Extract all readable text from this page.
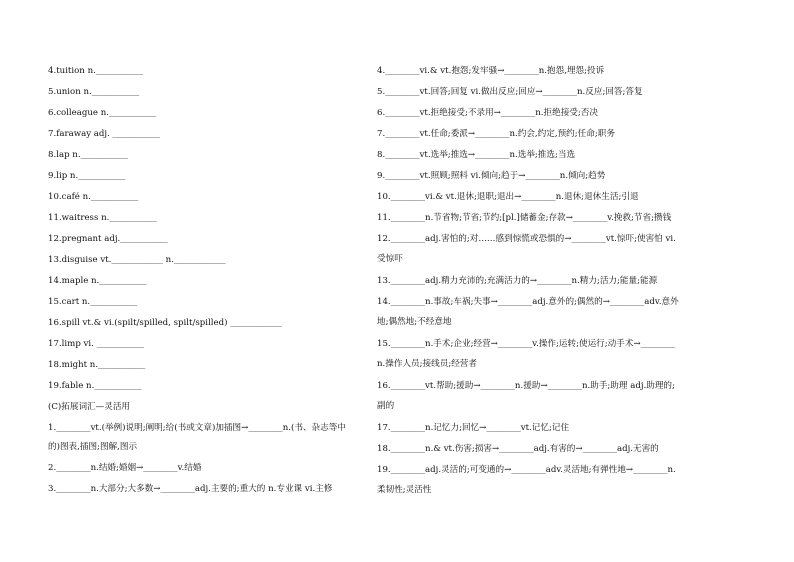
4.tuition n.___________
5.union n.___________
6.colleague n.___________
7.faraway adj. ___________
8.lap n.___________
9.lip n.___________
10.café n.___________
11.waitress n.___________
12.pregnant adj.___________
13.disguise vt.____________ n.____________
14.maple n.___________
15.cart n.___________
16.spill vt.& vi.(spilt/spilled, spilt/spilled) ____________
17.limp vi. ___________
18.might n.___________
19.fable n.___________
(C)拓展词汇—灵活用
1.________vt.(举例)说明;阐明;给(书或文章)加插图→________n.(书、杂志等中
的)图表,插图;图解,图示
2.________n.结婚;婚姻→________v.结婚
3.________n.大部分;大多数→________adj.主要的;重大的 n.专业课 vi.主修
4.________vi.& vt.抱怨;发牢骚→________n.抱怨,埋怨;投诉
5.________vt.回答;回复 vi.做出反应;回应→________n.反应;回答;答复
6.________vt.拒绝接受;不录用→________n.拒绝接受;否决
7.________vt.任命;委派→________n.约会,约定,预约;任命;职务
8.________vt.选举;推选→________n.选举;推选;当选
9.________vt.照顾;照料 vi.倾向;趋于→________n.倾向;趋势
10.________vi.& vt.退休;退职;退出→________n.退休;退休生活;引退
11.________n.节省物;节省;节约;[pl.]储蓄金;存款→________v.挽救;节省;攒钱
12.________adj.害怕的;对……感到惊慌或恐惧的→________vt.惊吓;使害怕 vi.
受惊吓
13.________adj.精力充沛的;充满活力的→________n.精力;活力;能量;能源
14.________n.事故;车祸;失事→________adj.意外的;偶然的→________adv.意外
地;偶然地;不经意地
15.________n.手术;企业;经营→________v.操作;运转;使运行;动手术→________
n.操作人员;接线员;经营者
16.________vt.帮助;援助→________n.援助→________n.助手;助理 adj.助理的;
副的
17.________n.记忆力;回忆→________vt.记忆;记住
18.________n.& vt.伤害;损害→________adj.有害的→________adj.无害的
19.________adj.灵活的;可变通的→________adv.灵活地;有弹性地→________n.
柔韧性;灵活性
